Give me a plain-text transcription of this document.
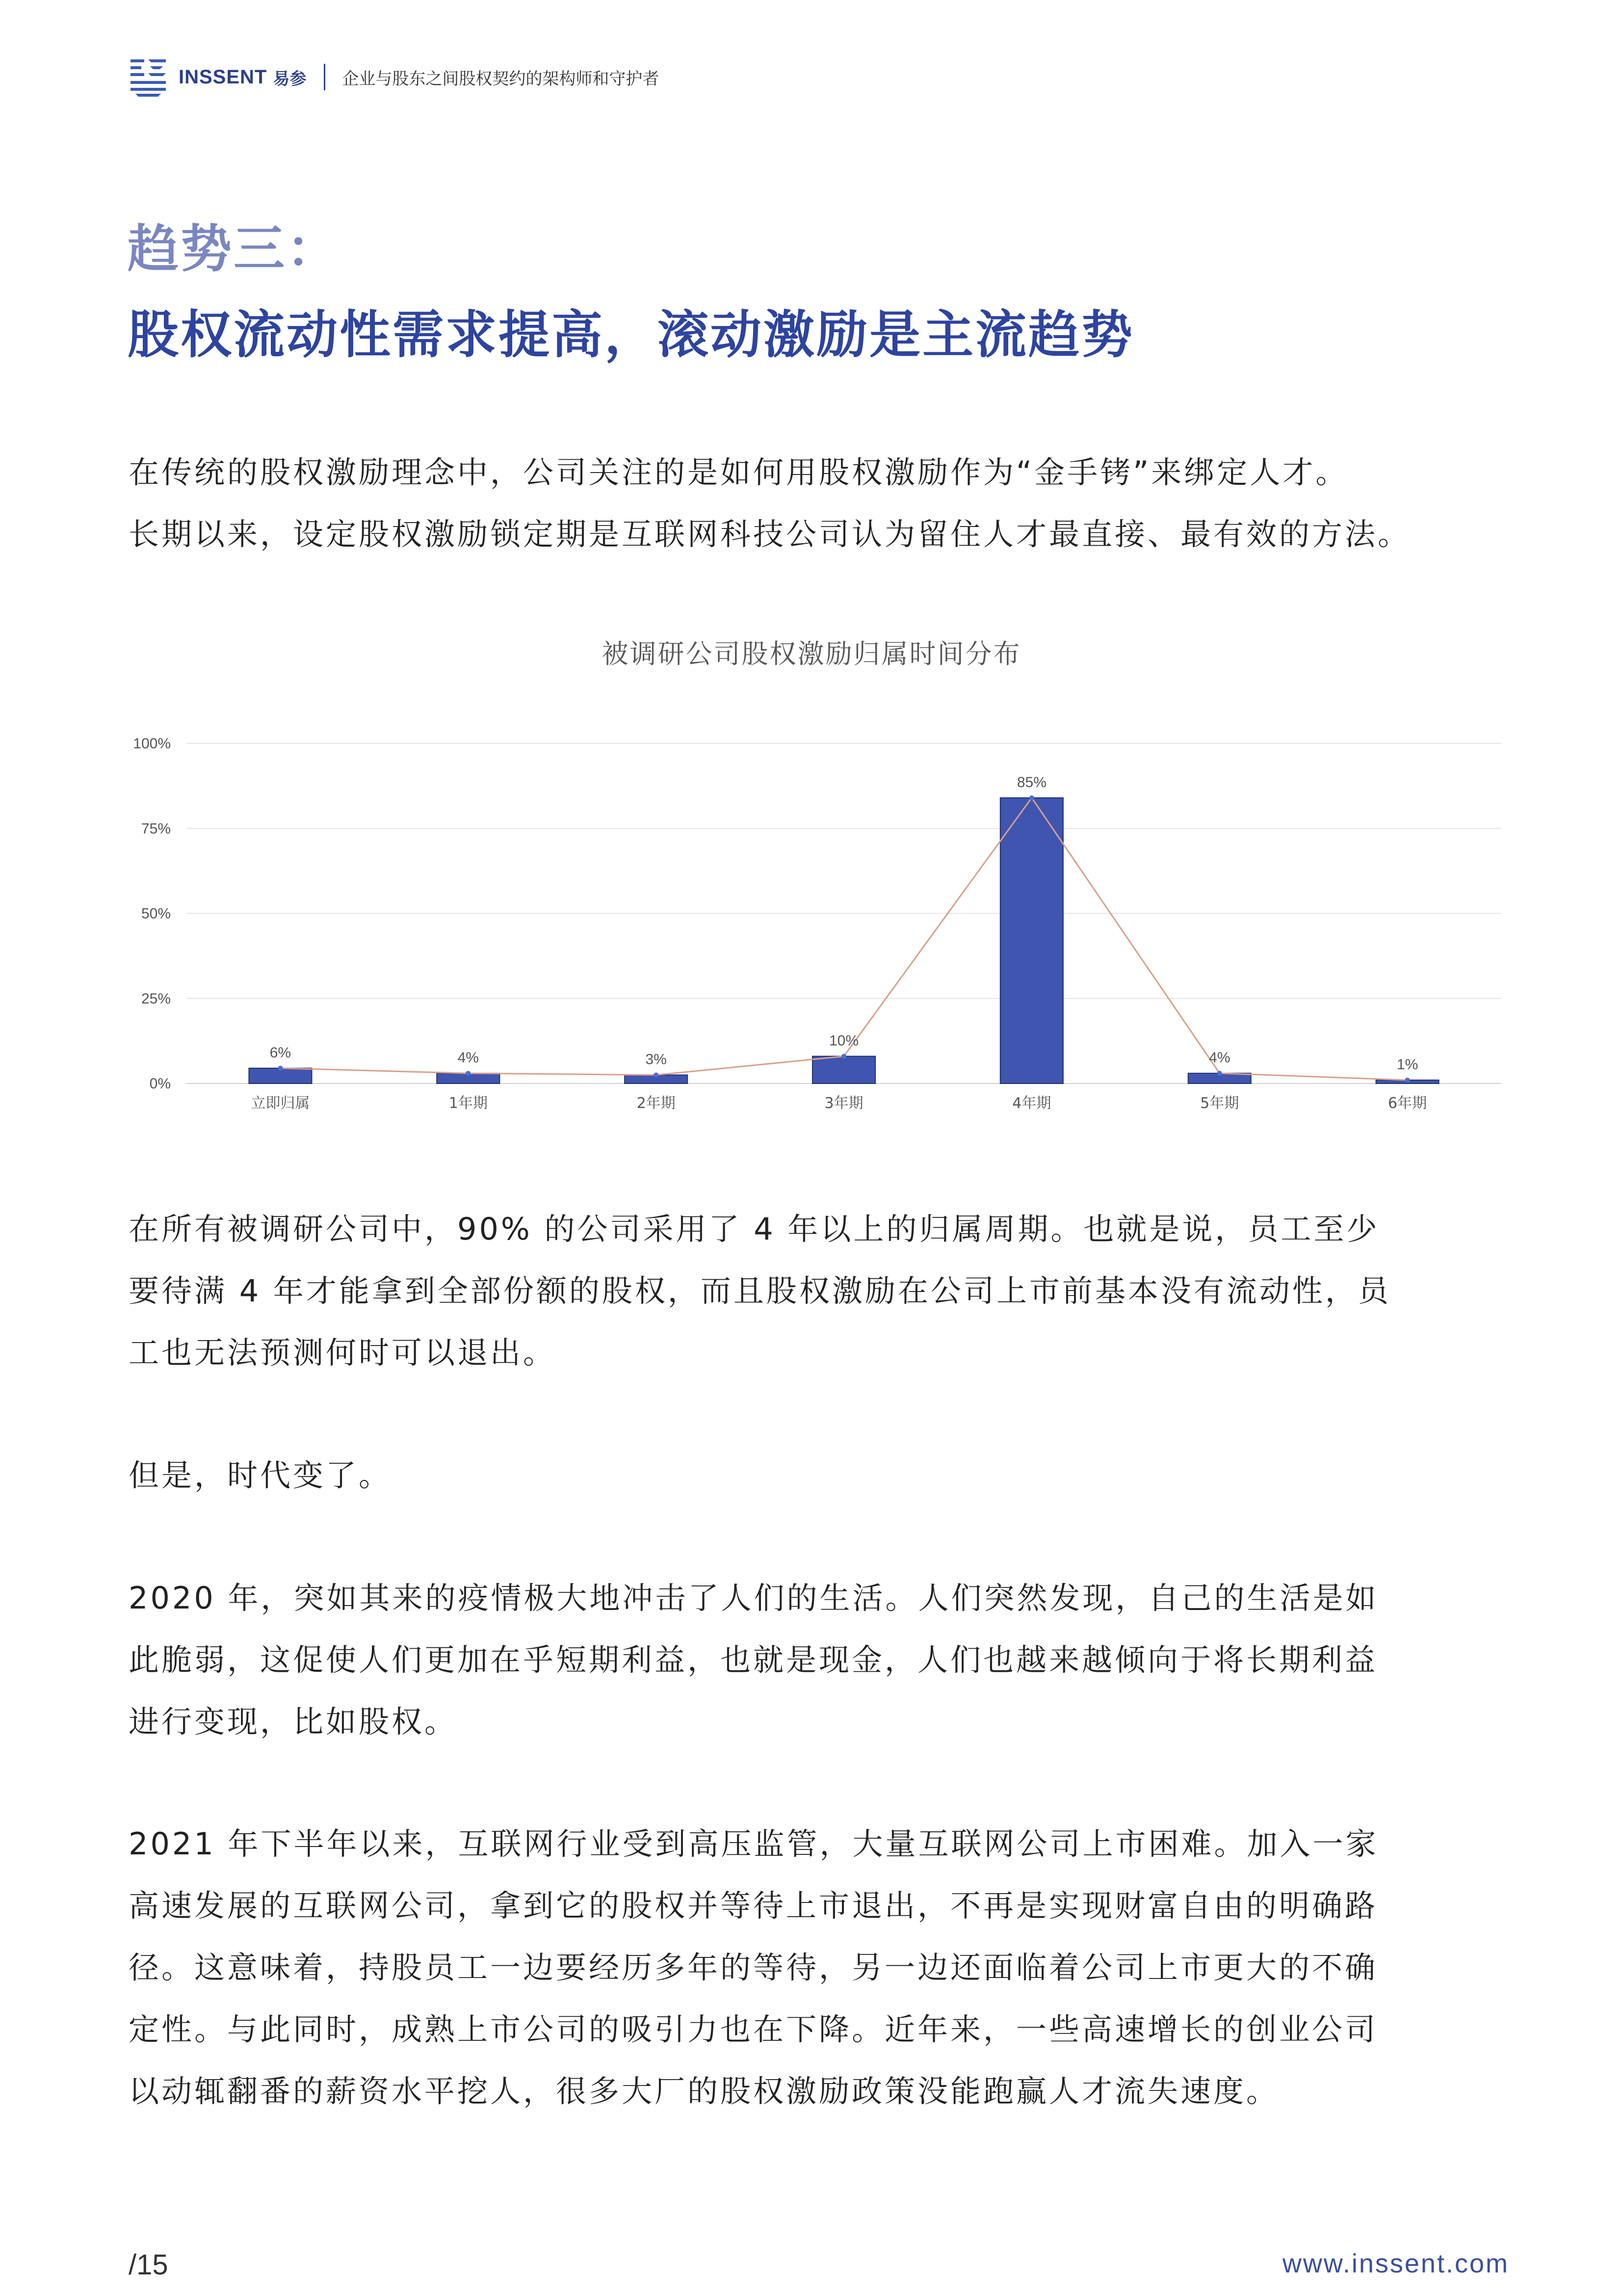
INSSENT 易参 企业与股东之间股权契约的架构师和守护者
趋势三：
股权流动性需求提高，滚动激励是主流趋势
在传统的股权激励理念中，公司关注的是如何用股权激励作为“金手铐”来绑定人才。
长期以来，设定股权激励锁定期是互联网科技公司认为留住人才最直接、最有效的方法。
被调研公司股权激励归属时间分布
0%
25%
50%
75%
100%
6%	4%	3%
10%
85%
4%	1%
立即归属	1年期	2年期	3年期	4年期	5年期	6年期
在所有被调研公司中，90% 的公司采用了 4 年以上的归属周期。也就是说，员工至少
要待满 4 年才能拿到全部份额的股权，而且股权激励在公司上市前基本没有流动性，员
工也无法预测何时可以退出。
但是，时代变了。
2020 年，突如其来的疫情极大地冲击了人们的生活。人们突然发现，自己的生活是如
此脆弱，这促使人们更加在乎短期利益，也就是现金，人们也越来越倾向于将长期利益
进行变现，比如股权。
2021 年下半年以来，互联网行业受到高压监管，大量互联网公司上市困难。加入一家
高速发展的互联网公司，拿到它的股权并等待上市退出，不再是实现财富自由的明确路
径。这意味着，持股员工一边要经历多年的等待，另一边还面临着公司上市更大的不确
定性。与此同时，成熟上市公司的吸引力也在下降。近年来，一些高速增长的创业公司
以动辄翻番的薪资水平挖人，很多大厂的股权激励政策没能跑赢人才流失速度。
/15	www.inssent.com
